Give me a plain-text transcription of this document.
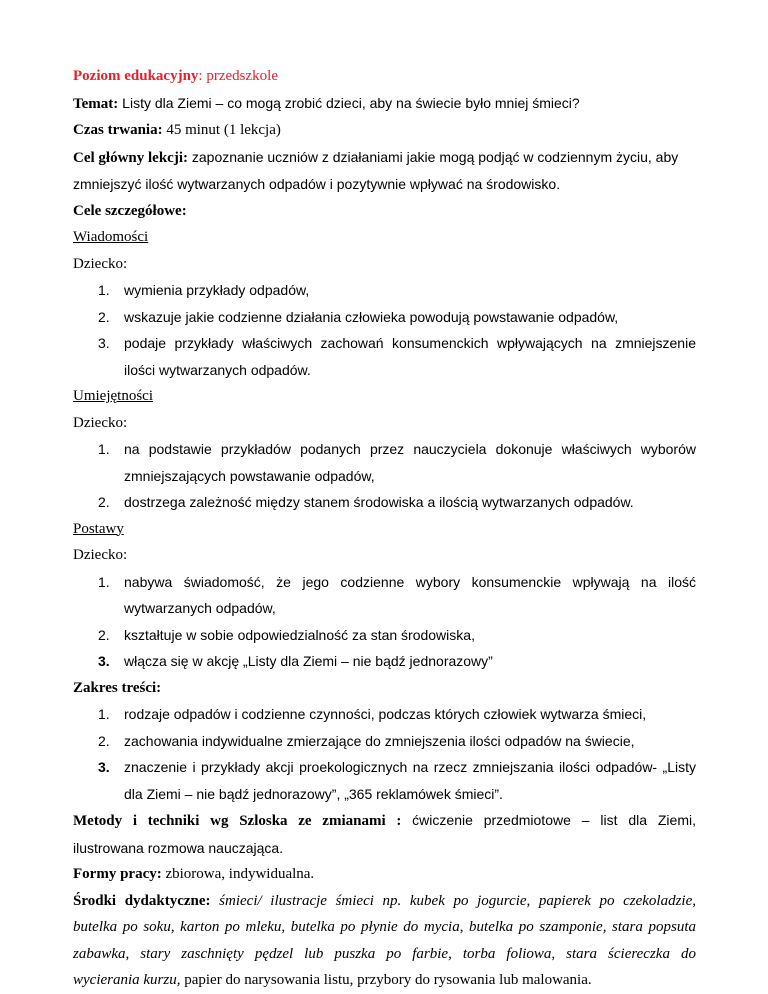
Poziom edukacyjny: przedszkole
Temat: Listy dla Ziemi – co mogą zrobić dzieci, aby na świecie było mniej śmieci?
Czas trwania: 45 minut (1 lekcja)
Cel główny lekcji: zapoznanie uczniów z działaniami jakie mogą podjąć w codziennym życiu, aby
zmniejszyć ilość wytwarzanych odpadów i pozytywnie wpływać na środowisko.
Cele szczegółowe:
Wiadomości
Dziecko:
1. wymienia przykłady odpadów,
2. wskazuje jakie codzienne działania człowieka powodują powstawanie odpadów,
3. podaje przykłady właściwych zachowań konsumenckich wpływających na zmniejszenie
ilości wytwarzanych odpadów.
Umiejętności
Dziecko:
1. na podstawie przykładów podanych przez nauczyciela dokonuje właściwych wyborów
zmniejszających powstawanie odpadów,
2. dostrzega zależność między stanem środowiska a ilością wytwarzanych odpadów.
Postawy
Dziecko:
1. nabywa świadomość, że jego codzienne wybory konsumenckie wpływają na ilość
wytwarzanych odpadów,
2. kształtuje w sobie odpowiedzialność za stan środowiska,
3. włącza się w akcję „Listy dla Ziemi – nie bądź jednorazowy”
Zakres treści:
1. rodzaje odpadów i codzienne czynności, podczas których człowiek wytwarza śmieci,
2. zachowania indywidualne zmierzające do zmniejszenia ilości odpadów na świecie,
3. znaczenie i przykłady akcji proekologicznych na rzecz zmniejszania ilości odpadów- „Listy
dla Ziemi – nie bądź jednorazowy”, „365 reklamówek śmieci”.
Metody i techniki wg Szloska ze zmianami : ćwiczenie przedmiotowe – list dla Ziemi,
ilustrowana rozmowa nauczająca.
Formy pracy: zbiorowa, indywidualna.
Środki dydaktyczne: śmieci/ ilustracje śmieci np. kubek po jogurcie, papierek po czekoladzie,
butelka po soku, karton po mleku, butelka po płynie do mycia, butelka po szamponie, stara popsuta
zabawka, stary zaschnięty pędzel lub puszka po farbie, torba foliowa, stara ściereczka do
wycierania kurzu, papier do narysowania listu, przybory do rysowania lub malowania.
